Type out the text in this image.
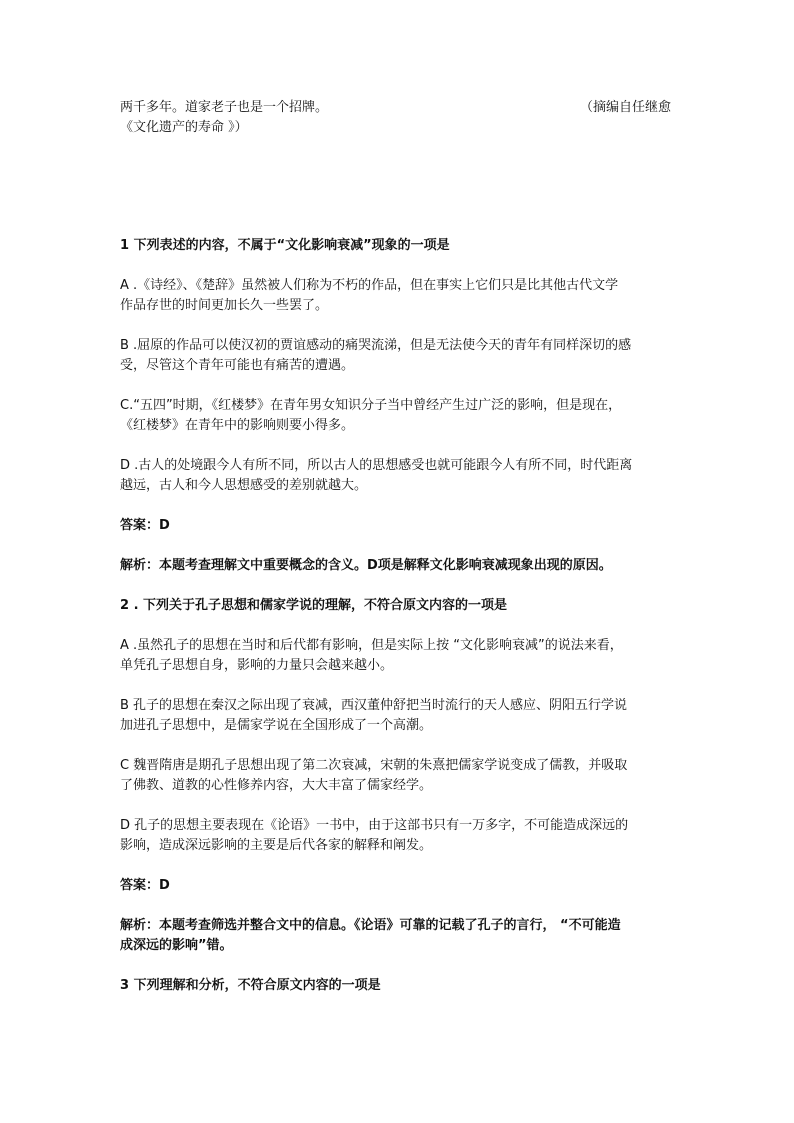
两千多年。道家老子也是一个招牌。
《文化遗产的寿命 》）
1 下列表述的内容，不属于“文化影响衰减”现象的一项是
A .《诗经》、《楚辞》虽然被人们称为不朽的作品，但在事实上它们只是比其他古代文学
作品存世的时间更加长久一些罢了。
B .屈原的作品可以使汉初的贾谊感动的痛哭流涕，但是无法使今天的青年有同样深切的感
受，尽管这个青年可能也有痛苦的遭遇。
C.“五四”时期，《红楼梦》在青年男女知识分子当中曾经产生过广泛的影响，但是现在，
《红楼梦》在青年中的影响则要小得多。
D .古人的处境跟今人有所不同，所以古人的思想感受也就可能跟今人有所不同，时代距离
越远，古人和今人思想感受的差别就越大。
答案：D
解析：本题考查理解文中重要概念的含义。D项是解释文化影响衰减现象出现的原因。
2 . 下列关于孔子思想和儒家学说的理解，不符合原文内容的一项是
A .虽然孔子的思想在当时和后代都有影响，但是实际上按 “文化影响衰减”的说法来看，
单凭孔子思想自身，影响的力量只会越来越小。
B 孔子的思想在秦汉之际出现了衰减，西汉董仲舒把当时流行的天人感应、阴阳五行学说
加进孔子思想中，是儒家学说在全国形成了一个高潮。
C 魏晋隋唐是期孔子思想出现了第二次衰减，宋朝的朱熹把儒家学说变成了儒教，并吸取
了佛教、道教的心性修养内容，大大丰富了儒家经学。
D 孔子的思想主要表现在《论语》一书中，由于这部书只有一万多字，不可能造成深远的
影响，造成深远影响的主要是后代各家的解释和阐发。
答案：D
解析：本题考查筛选并整合文中的信息。《论语》可靠的记载了孔子的言行， “不可能造
成深远的影响”错。
3 下列理解和分析，不符合原文内容的一项是
（摘编自任继愈
